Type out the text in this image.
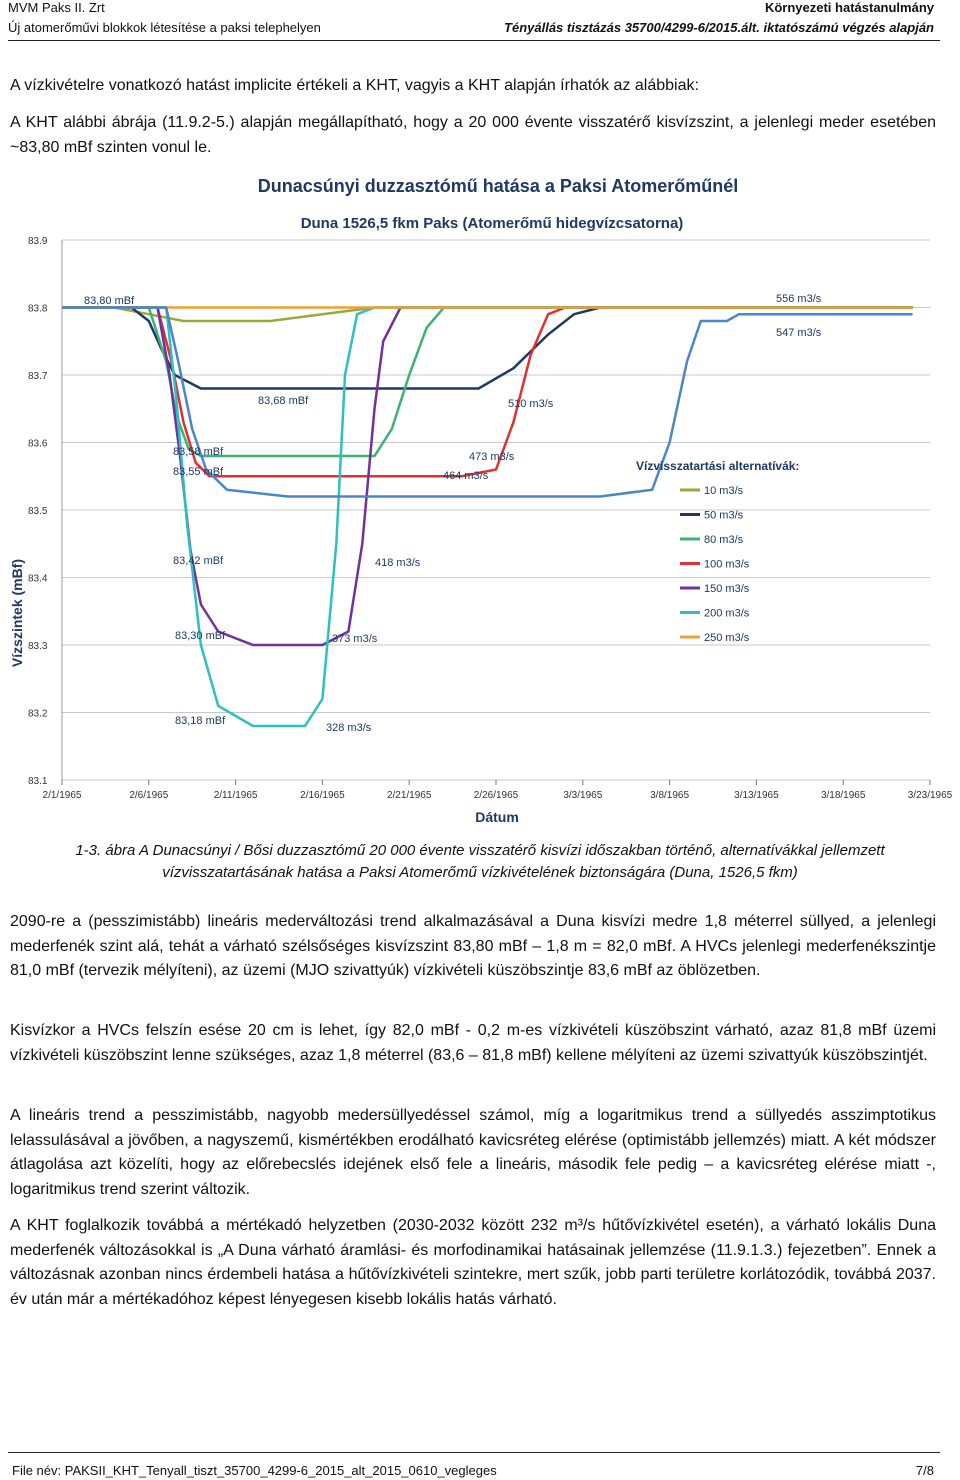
MVM Paks II. Zrt
Új atomerőművi blokkok létesítése a paksi telephelyen
Környezeti hatástanulmány
Tényállás tisztázás 35700/4299-6/2015.ált. iktatószámú végzés alapján
A vízkivételre vonatkozó hatást implicite értékeli a KHT, vagyis a KHT alapján írhatók az alábbiak:
A KHT alábbi ábrája (11.9.2-5.) alapján megállapítható, hogy a 20 000 évente visszatérő kisvízszint, a jelenlegi meder esetében ~83,80 mBf szinten vonul le.
Dunacsúnyi duzzasztómű hatása a Paksi Atomerőműnél
Duna 1526,5 fkm Paks (Atomerőmű hidegvízcsatorna)
83.9
83.8
83.7
83.6
83.5
83.4
83.3
83.2
83.1
2/1/1965	2/6/1965	2/11/1965	2/16/1965	2/21/1965	2/26/1965	3/3/1965	3/8/1965	3/13/1965	3/18/1965	3/23/1965
83,80 mBf	556 m3/s
547 m3/s
83,68 mBf	510 m3/s
83,58 mBf
83,55 mBf
473 m3/s
464 m3/s
83,42 mBf	418 m3/s
83,30 mBf	373 m3/s
83,18 mBf
328 m3/s
Vízvisszatartási alternatívák:
10 m3/s
50 m3/s
80 m3/s
100 m3/s
150 m3/s
200 m3/s
250 m3/s
Vízszintek (mBf)
Dátum
1-3. ábra A Dunacsúnyi / Bősi duzzasztómű 20 000 évente visszatérő kisvízi időszakban történő, alternatívákkal jellemzett vízvisszatartásának hatása a Paksi Atomerőmű vízkivételének biztonságára (Duna, 1526,5 fkm)
2090-re a (pesszimistább) lineáris mederváltozási trend alkalmazásával a Duna kisvízi medre 1,8 méterrel süllyed, a jelenlegi mederfenék szint alá, tehát a várható szélsőséges kisvízszint 83,80 mBf – 1,8 m = 82,0 mBf. A HVCs jelenlegi mederfenékszintje 81,0 mBf (tervezik mélyíteni), az üzemi (MJO szivattyúk) vízkivételi küszöbszintje 83,6 mBf az öblözetben.
Kisvízkor a HVCs felszín esése 20 cm is lehet, így 82,0 mBf - 0,2 m-es vízkivételi küszöbszint várható, azaz 81,8 mBf üzemi vízkivételi küszöbszint lenne szükséges, azaz 1,8 méterrel (83,6 – 81,8 mBf) kellene mélyíteni az üzemi szivattyúk küszöbszintjét.
A lineáris trend a pesszimistább, nagyobb medersüllyedéssel számol, míg a logaritmikus trend a süllyedés asszimptotikus lelassulásával a jövőben, a nagyszemű, kismértékben erodálható kavicsréteg elérése (optimistább jellemzés) miatt. A két módszer átlagolása azt közelíti, hogy az előrebecslés idejének első fele a lineáris, második fele pedig – a kavicsréteg elérése miatt -, logaritmikus trend szerint változik.
A KHT foglalkozik továbbá a mértékadó helyzetben (2030-2032 között 232 m³/s hűtővízkivétel esetén), a várható lokális Duna mederfenék változásokkal is „A Duna várható áramlási- és morfodinamikai hatásainak jellemzése (11.9.1.3.) fejezetben”. Ennek a változásnak azonban nincs érdembeli hatása a hűtővízkivételi szintekre, mert szűk, jobb parti területre korlátozódik, továbbá 2037. év után már a mértékadóhoz képest lényegesen kisebb lokális hatás várható.
File név: PAKSII_KHT_Tenyall_tiszt_35700_4299-6_2015_alt_2015_0610_vegleges	7/8
